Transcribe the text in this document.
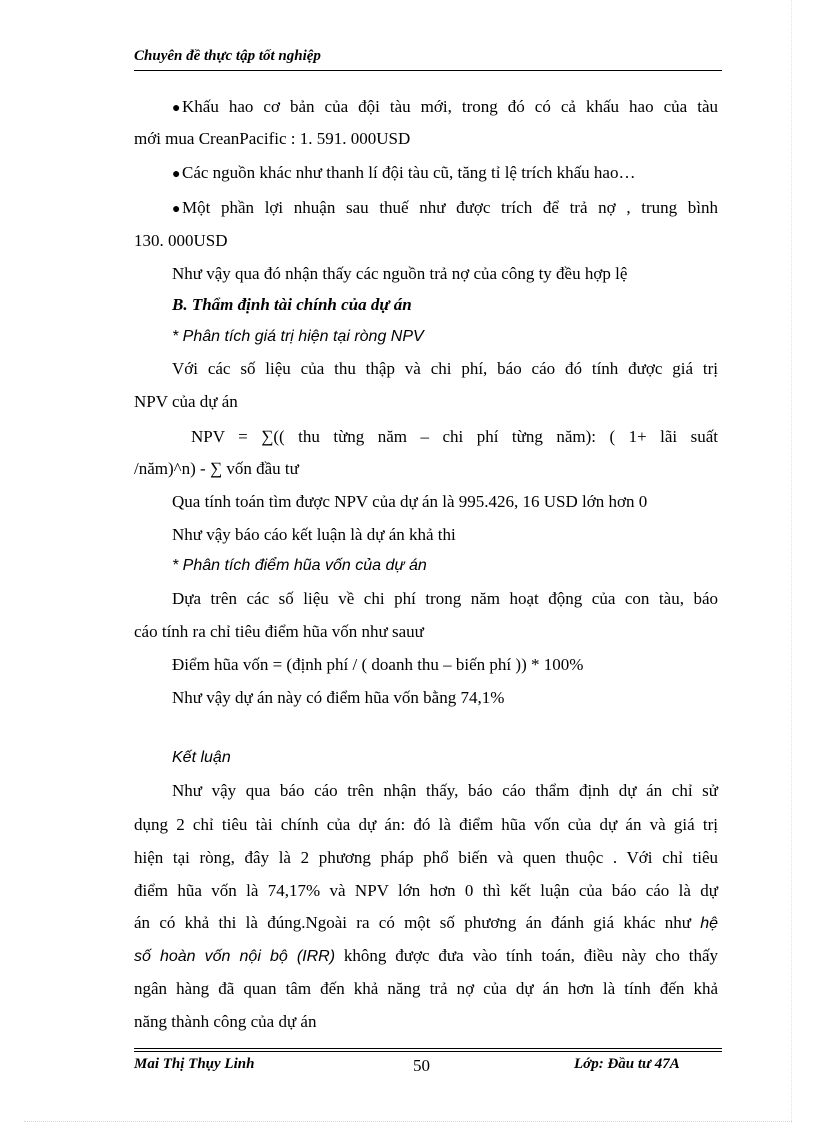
Chuyên đề thực tập tốt nghiệp
●Khấu hao cơ bản của đội tàu mới, trong đó có cả khấu hao của tàu
mới mua CreanPacific : 1. 591. 000USD
●Các nguồn khác như thanh lí đội tàu cũ, tăng tỉ lệ trích khấu hao…
●Một phần lợi nhuận sau thuế như được trích để trả nợ , trung bình
130. 000USD
Như vậy qua đó nhận thấy các nguồn trả nợ của công ty đều hợp lệ
B. Thẩm định tài chính của dự án
* Phân tích giá trị hiện tại ròng NPV
Với các số liệu của thu thập và chi phí, báo cáo đó tính được giá trị
NPV của dự án
NPV = ∑(( thu từng năm – chi phí từng năm): ( 1+ lãi suất
/năm)^n) - ∑ vốn đầu tư
Qua tính toán tìm được NPV của dự án là 995.426, 16 USD lớn hơn 0
Như vậy báo cáo kết luận là dự án khả thi
* Phân tích điểm hũa vốn của dự án
Dựa trên các số liệu về chi phí trong năm hoạt động của con tàu, báo
cáo tính ra chỉ tiêu điểm hũa vốn như sauư
Điểm hũa vốn = (định phí / ( doanh thu – biến phí )) * 100%
Như vậy dự án này có điểm hũa vốn bằng 74,1%
Kết luận
Như vậy qua báo cáo trên nhận thấy, báo cáo thẩm định dự án chỉ sử
dụng 2 chỉ tiêu tài chính của dự án: đó là điểm hũa vốn của dự án và giá trị
hiện tại ròng, đây là 2 phương pháp phổ biến và quen thuộc . Với chỉ tiêu
điểm hũa vốn là 74,17% và NPV lớn hơn 0 thì kết luận của báo cáo là dự
án có khả thi là đúng.Ngoài ra có một số phương án đánh giá khác như hệ
số hoàn vốn nội bộ (IRR) không được đưa vào tính toán, điều này cho thấy
ngân hàng đã quan tâm đến khả năng trả nợ của dự án hơn là tính đến khả
năng thành công của dự án
Mai Thị Thụy Linh	50	Lớp: Đầu tư 47A
